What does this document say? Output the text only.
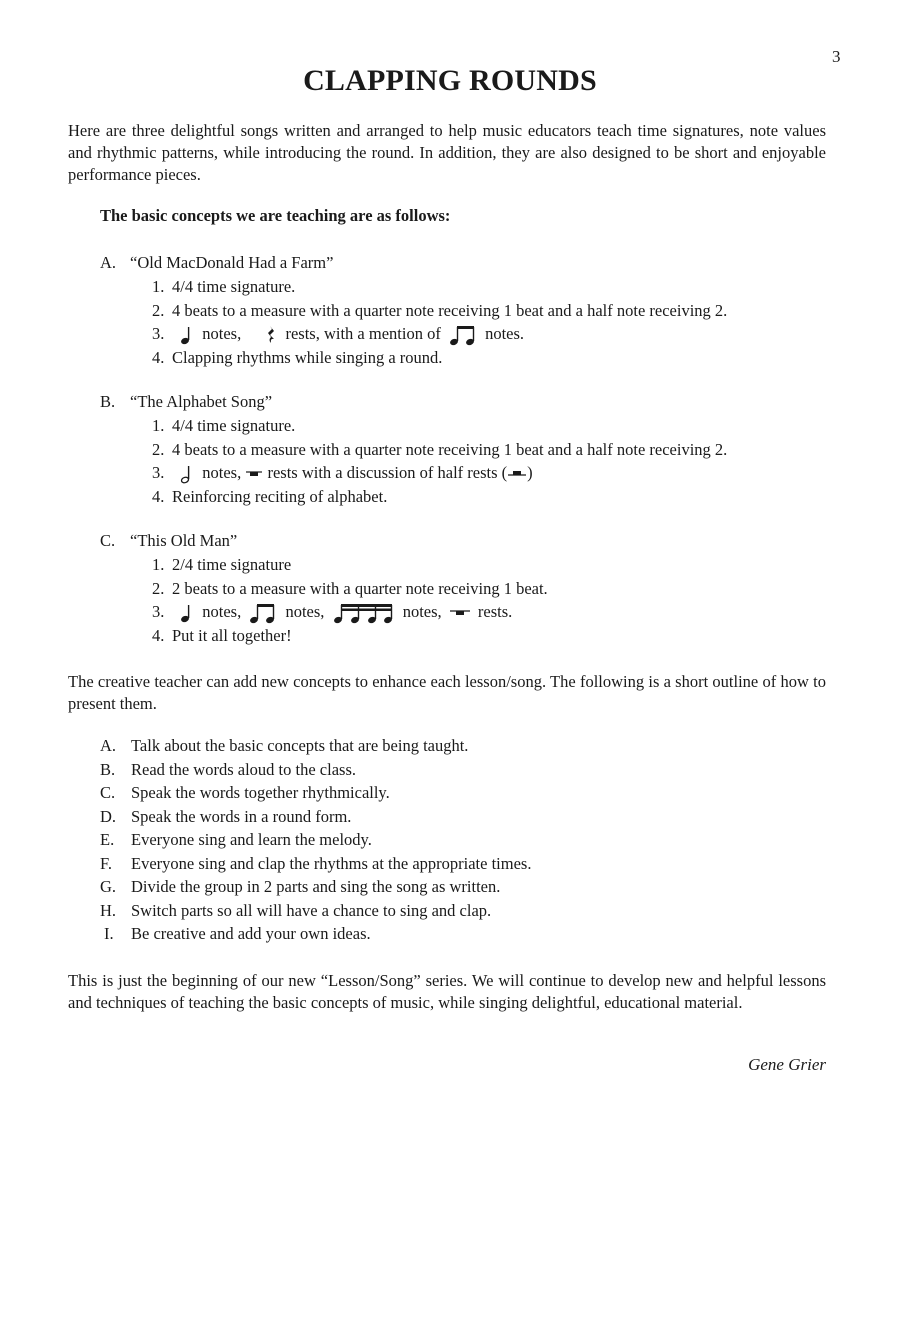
3
CLAPPING ROUNDS

Here are three delightful songs written and arranged to help music educators teach time signatures, note values and rhythmic patterns, while introducing the round. In addition, they are also designed to be short and enjoyable performance pieces.

The basic concepts we are teaching are as follows:
A. “Old MacDonald Had a Farm”
1. 4/4 time signature.
2. 4 beats to a measure with a quarter note receiving 1 beat and a half note receiving 2.
3. notes,	rests, with a mention of	notes.
4. Clapping rhythms while singing a round.
B. “The Alphabet Song”
1. 4/4 time signature.
2. 4 beats to a measure with a quarter note receiving 1 beat and a half note receiving 2.
3. notes, rests with a discussion of half rests ( )
4. Reinforcing reciting of alphabet.
C. “This Old Man”
1. 2/4 time signature
2. 2 beats to a measure with a quarter note receiving 1 beat.
3. notes,	notes,	notes, rests.
4. Put it all together!

The creative teacher can add new concepts to enhance each lesson/song. The following is a short outline of how to present them.

A. Talk about the basic concepts that are being taught.
B. Read the words aloud to the class.
C. Speak the words together rhythmically.
D. Speak the words in a round form.
E. Everyone sing and learn the melody.
F. Everyone sing and clap the rhythms at the appropriate times.
G. Divide the group in 2 parts and sing the song as written.
H. Switch parts so all will have a chance to sing and clap.
I. Be creative and add your own ideas.

This is just the beginning of our new “Lesson/Song” series. We will continue to develop new and helpful lessons and techniques of teaching the basic concepts of music, while singing delightful, educational material.

Gene Grier
